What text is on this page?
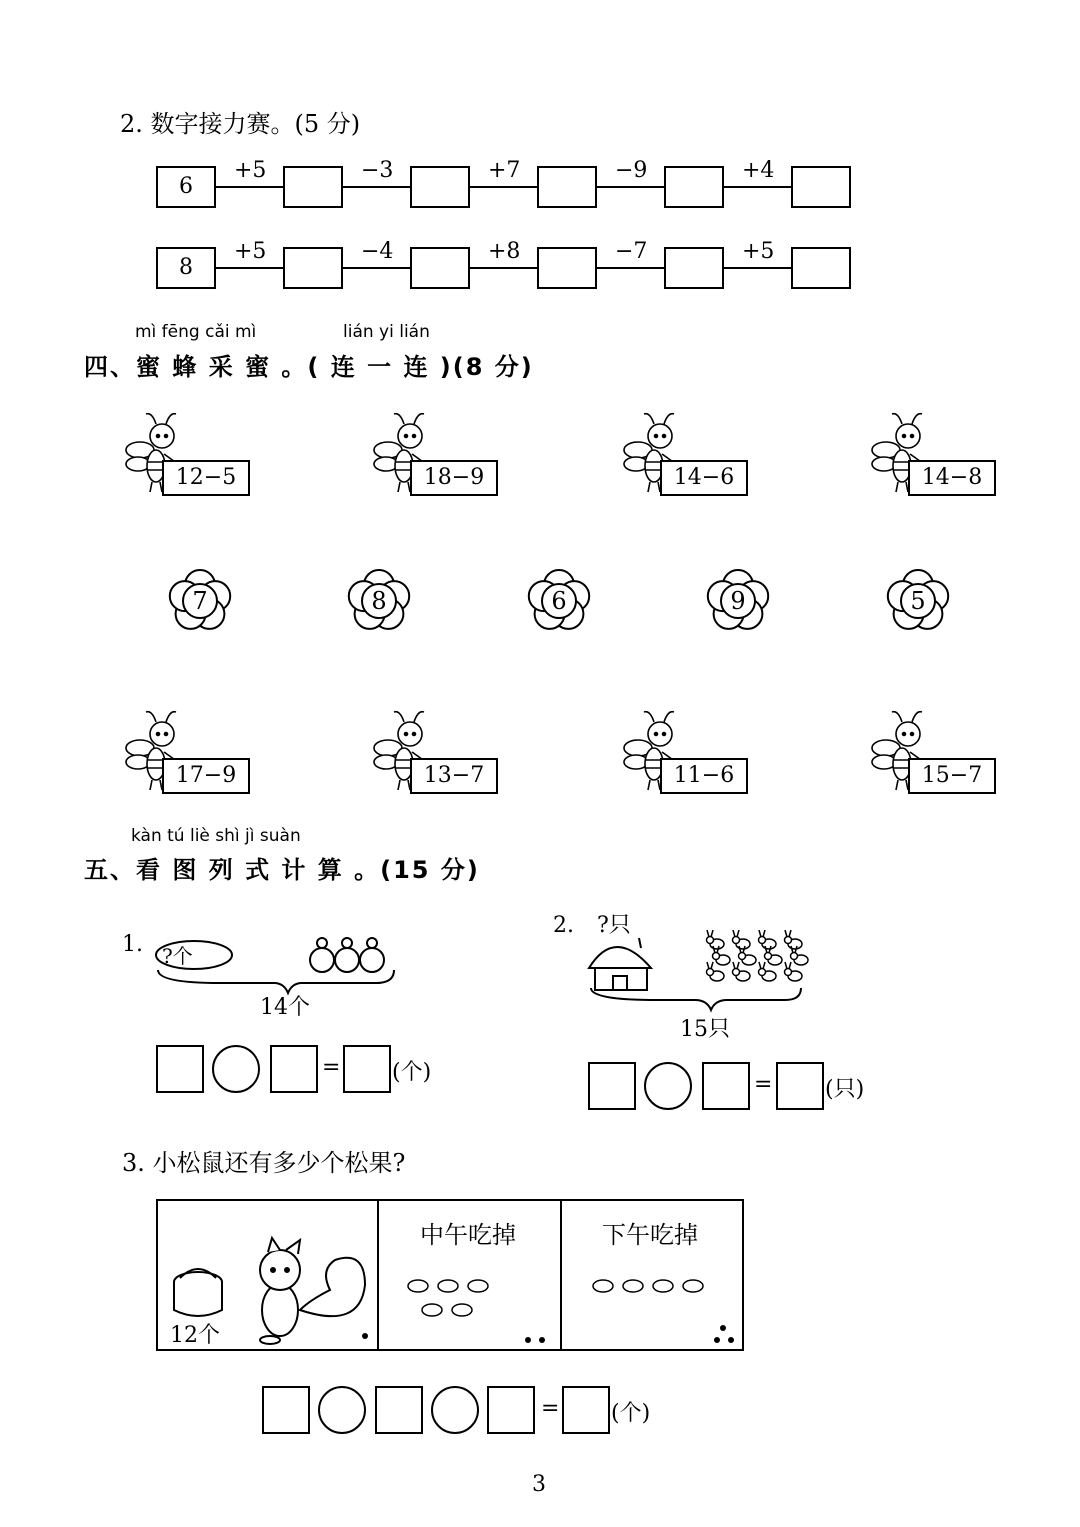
2. 数字接力赛。(5 分)
6
+5	−3	+7	−9	+4
8
+5	−4	+8	−7	+5
mì fēng cǎi mì	lián yi lián
四、蜜 蜂 采 蜜 。( 连 一 连 )(8 分)
12−5	18−9	14−6	14−8
7	8	6	9	5
17−9	13−7	11−6	15−7
kàn tú liè shì jì suàn
五、看 图 列 式 计 算 。(15 分)
1. ?个
14个
= (个)
2. ?只
15只
= (只)
3. 小松鼠还有多少个松果?
12个
中午吃掉	下午吃掉
= (个)
3
